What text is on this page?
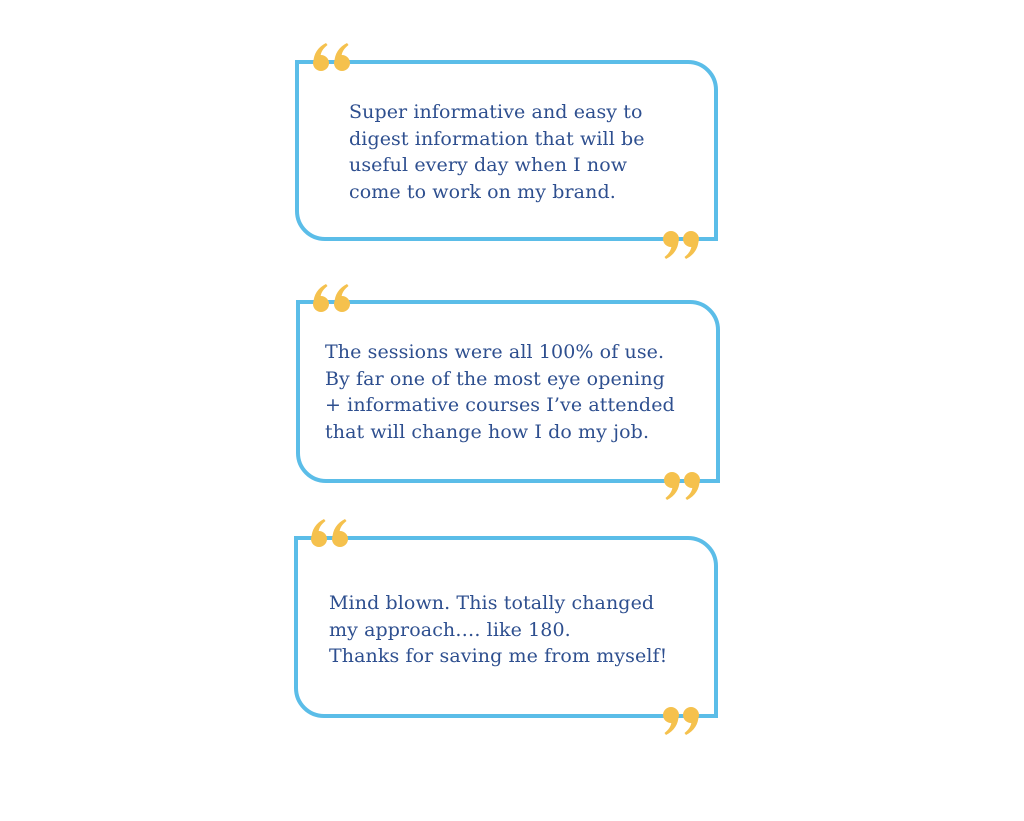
Super informative and easy to
digest information that will be
useful every day when I now
come to work on my brand.

The sessions were all 100% of use.
By far one of the most eye opening
+ informative courses I’ve attended
that will change how I do my job.

Mind blown. This totally changed
my approach…. like 180.
Thanks for saving me from myself!
